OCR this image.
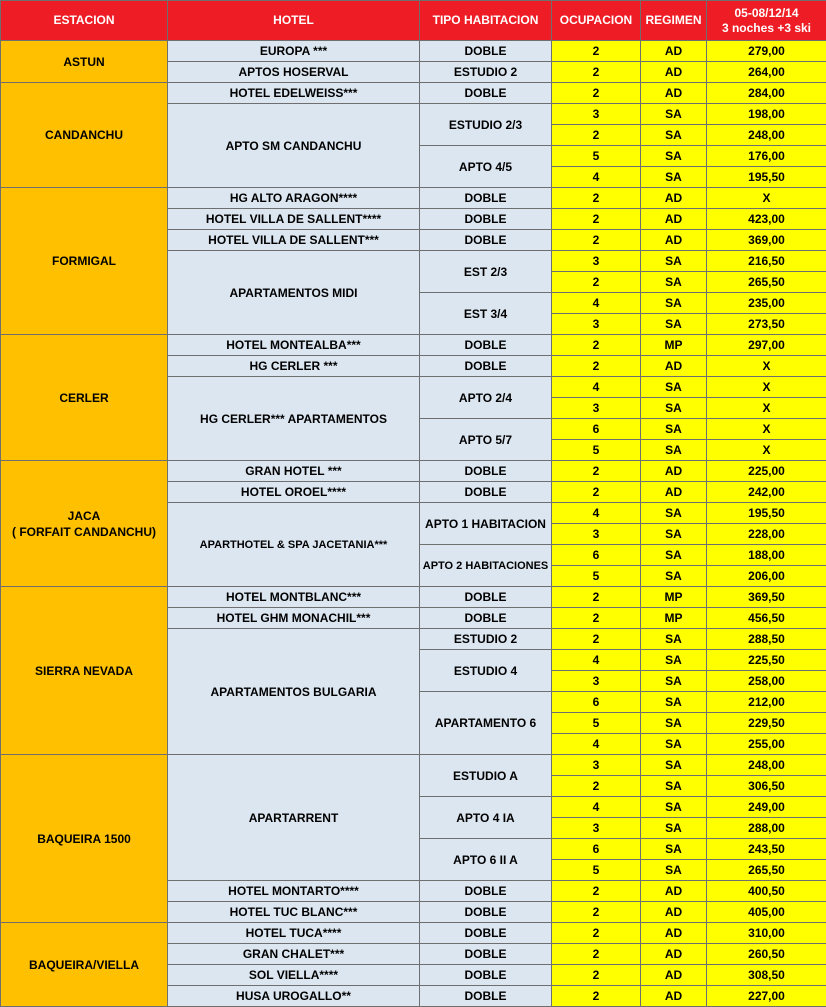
ESTACION	HOTEL	TIPO HABITACION	OCUPACION	REGIMEN	05-08/12/14
3 noches +3 ski

ASTUN	EUROPA ***	DOBLE	2	AD	279,00
	APTOS HOSERVAL	ESTUDIO 2	2	AD	264,00

CANDANCHU	HOTEL EDELWEISS***	DOBLE	2	AD	284,00
	APTO SM CANDANCHU	ESTUDIO 2/3	3	SA	198,00
			2	SA	248,00
		APTO 4/5	5	SA	176,00
			4	SA	195,50

FORMIGAL	HG ALTO ARAGON****	DOBLE	2	AD	X
	HOTEL VILLA DE SALLENT****	DOBLE	2	AD	423,00
	HOTEL VILLA DE SALLENT***	DOBLE	2	AD	369,00
	APARTAMENTOS MIDI	EST 2/3	3	SA	216,50
			2	SA	265,50
		EST 3/4	4	SA	235,00
			3	SA	273,50

CERLER	HOTEL MONTEALBA***	DOBLE	2	MP	297,00
	HG CERLER ***	DOBLE	2	AD	X
	HG CERLER*** APARTAMENTOS	APTO 2/4	4	SA	X
			3	SA	X
		APTO 5/7	6	SA	X
			5	SA	X

JACA
( FORFAIT CANDANCHU)	GRAN HOTEL ***	DOBLE	2	AD	225,00
	HOTEL OROEL****	DOBLE	2	AD	242,00
	APARTHOTEL & SPA JACETANIA***	APTO 1 HABITACION	4	SA	195,50
			3	SA	228,00
		APTO 2 HABITACIONES	6	SA	188,00
			5	SA	206,00

SIERRA NEVADA	HOTEL MONTBLANC***	DOBLE	2	MP	369,50
	HOTEL GHM MONACHIL***	DOBLE	2	MP	456,50
	APARTAMENTOS BULGARIA	ESTUDIO 2	2	SA	288,50
		ESTUDIO 4	4	SA	225,50
			3	SA	258,00
		APARTAMENTO 6	6	SA	212,00
			5	SA	229,50
			4	SA	255,00

BAQUEIRA 1500	APARTARRENT	ESTUDIO A	3	SA	248,00
			2	SA	306,50
		APTO 4 IA	4	SA	249,00
			3	SA	288,00
		APTO 6 II A	6	SA	243,50
			5	SA	265,50
	HOTEL MONTARTO****	DOBLE	2	AD	400,50
	HOTEL TUC BLANC***	DOBLE	2	AD	405,00

BAQUEIRA/VIELLA	HOTEL TUCA****	DOBLE	2	AD	310,00
	GRAN CHALET***	DOBLE	2	AD	260,50
	SOL VIELLA****	DOBLE	2	AD	308,50
	HUSA UROGALLO**	DOBLE	2	AD	227,00
